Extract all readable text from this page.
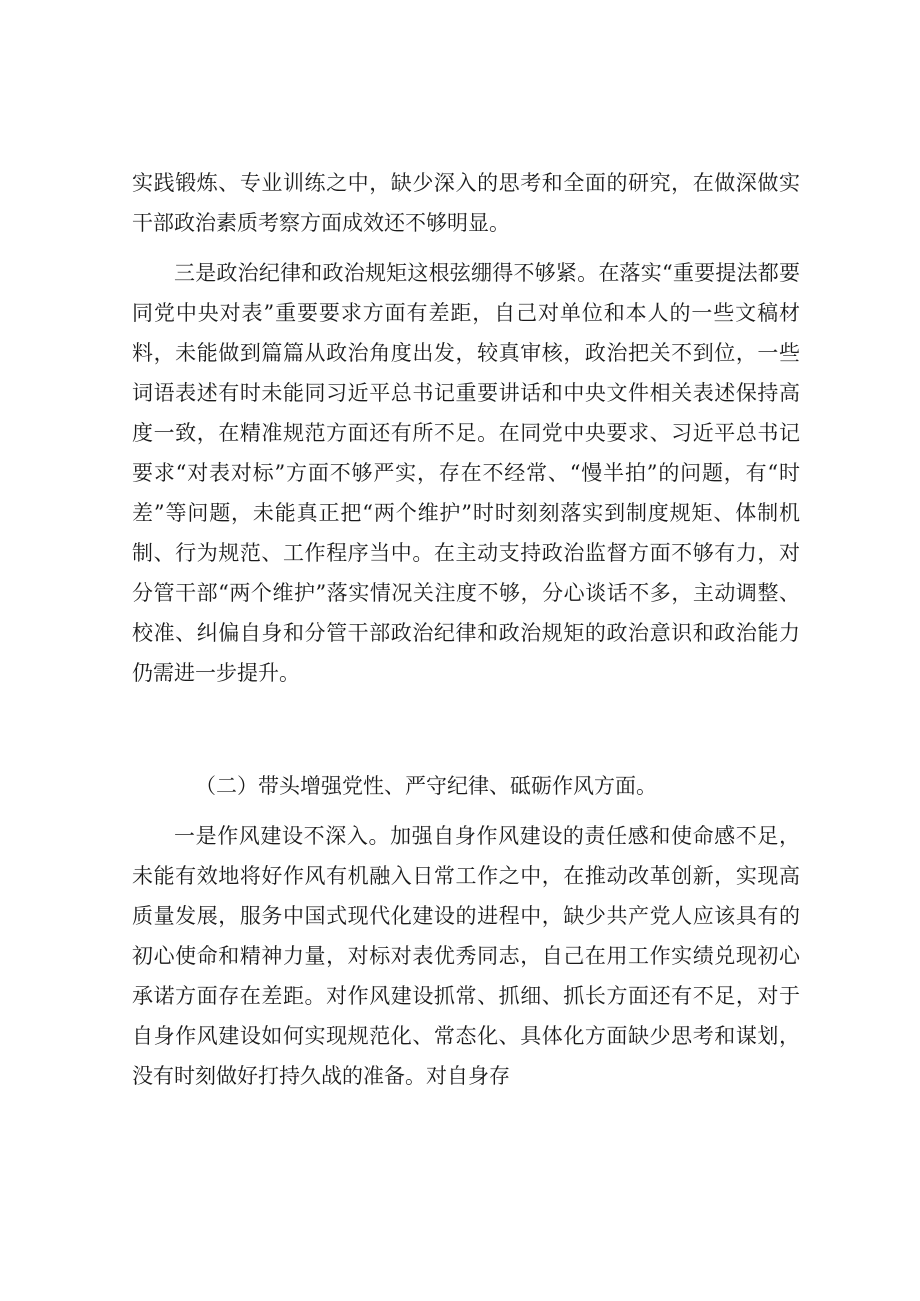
实践锻炼、专业训练之中，缺少深入的思考和全面的研究，在做深做实干部政治素质考察方面成效还不够明显。

三是政治纪律和政治规矩这根弦绷得不够紧。在落实“重要提法都要同党中央对表”重要要求方面有差距，自己对单位和本人的一些文稿材料，未能做到篇篇从政治角度出发，较真审核，政治把关不到位，一些词语表述有时未能同习近平总书记重要讲话和中央文件相关表述保持高度一致，在精准规范方面还有所不足。在同党中央要求、习近平总书记要求“对表对标”方面不够严实，存在不经常、“慢半拍”的问题，有“时差”等问题，未能真正把“两个维护”时时刻刻落实到制度规矩、体制机制、行为规范、工作程序当中。在主动支持政治监督方面不够有力，对分管干部“两个维护”落实情况关注度不够，分心谈话不多，主动调整、校准、纠偏自身和分管干部政治纪律和政治规矩的政治意识和政治能力仍需进一步提升。

（二）带头增强党性、严守纪律、砥砺作风方面。

一是作风建设不深入。加强自身作风建设的责任感和使命感不足，未能有效地将好作风有机融入日常工作之中，在推动改革创新，实现高质量发展，服务中国式现代化建设的进程中，缺少共产党人应该具有的初心使命和精神力量，对标对表优秀同志，自己在用工作实绩兑现初心承诺方面存在差距。对作风建设抓常、抓细、抓长方面还有不足，对于自身作风建设如何实现规范化、常态化、具体化方面缺少思考和谋划，没有时刻做好打持久战的准备。对自身存
